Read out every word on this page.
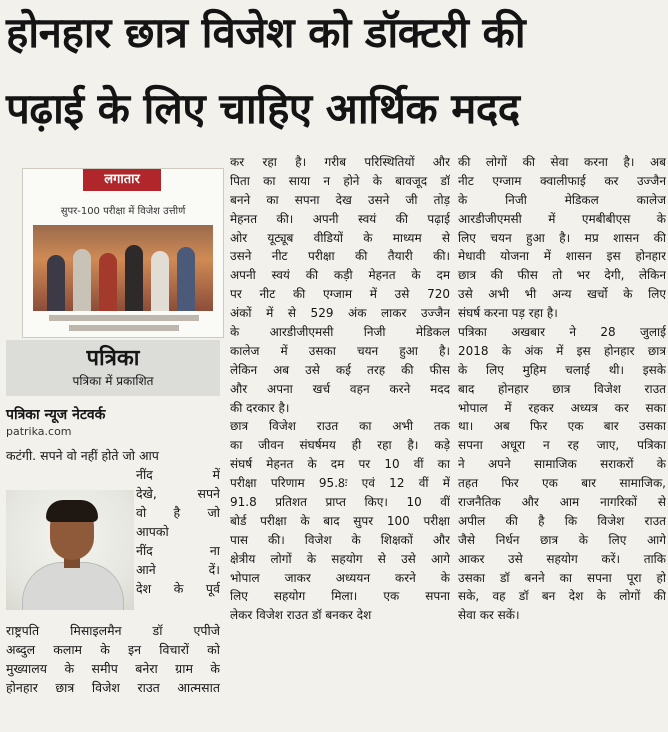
होनहार छात्र विजेश को डॉक्टरी की
पढ़ाई के लिए चाहिए आर्थिक मदद
लगातार
सुपर-100 परीक्षा में विजेश उत्तीर्ण
पत्रिका
पत्रिका में प्रकाशित
पत्रिका न्यूज नेटवर्क
patrika.com
कटंगी. सपने वो नहीं होते जो आप
नींद में
देखे, सपने
वो है जो
आपको
नींद ना
आने दें।
देश के पूर्व
राष्ट्रपति मिसाइलमैन डॉ एपीजे
अब्दुल कलाम के इन विचारों को
मुख्यालय के समीप बनेरा ग्राम के
होनहार छात्र विजेश राउत आत्मसात
कर रहा है। गरीब परिस्थितियों और
पिता का साया न होने के बावजूद डॉ
बनने का सपना देख उसने जी तोड़
मेहनत की। अपनी स्वयं की पढ़ाई
ओर यूट्यूब वीडियों के माध्यम से
उसने नीट परीक्षा की तैयारी की।
अपनी स्वयं की कड़ी मेहनत के दम
पर नीट की एग्जाम में उसे 720
अंकों में से 529 अंक लाकर उज्जैन
के आरडीजीएमसी निजी मेडिकल
कालेज में उसका चयन हुआ है।
लेकिन अब उसे कई तरह की फीस
और अपना खर्च वहन करने मदद
की दरकार है।
छात्र विजेश राउत का अभी तक
का जीवन संघर्षमय ही रहा है। कड़े
संघर्ष मेहनत के दम पर 10 वीं का
परीक्षा परिणाम 95.8ः एवं 12 वीं में
91.8 प्रतिशत प्राप्त किए। 10 वीं
बोर्ड परीक्षा के बाद सुपर 100 परीक्षा
पास की। विजेश के शिक्षकों और
क्षेत्रीय लोगों के सहयोग से उसे आगे
भोपाल जाकर अध्ययन करने के
लिए सहयोग मिला। एक सपना
लेकर विजेश राउत डॉ बनकर देश
की लोगों की सेवा करना है। अब
नीट एग्जाम क्वालीफाई कर उज्जैन
के निजी मेडिकल कालेज
आरडीजीएमसी में एमबीबीएस के
लिए चयन हुआ है। मप्र शासन की
मेधावी योजना में शासन इस होनहार
छात्र की फीस तो भर देगी, लेकिन
उसे अभी भी अन्य खर्चो के लिए
संघर्ष करना पड़ रहा है।
पत्रिका अखबार ने 28 जुलाई
2018 के अंक में इस होनहार छात्र
के लिए मुहिम चलाई थी। इसके
बाद होनहार छात्र विजेश राउत
भोपाल में रहकर अध्यत्र कर सका
था। अब फिर एक बार उसका
सपना अधूरा न रह जाए, पत्रिका
ने अपने सामाजिक सराकरों के
तहत फिर एक बार सामाजिक,
राजनैतिक और आम नागरिकों से
अपील की है कि विजेश राउत
जैसे निर्धन छात्र के लिए आगे
आकर उसे सहयोग करें। ताकि
उसका डॉ बनने का सपना पूरा हो
सके, वह डॉ बन देश के लोगों की
सेवा कर सकें।
